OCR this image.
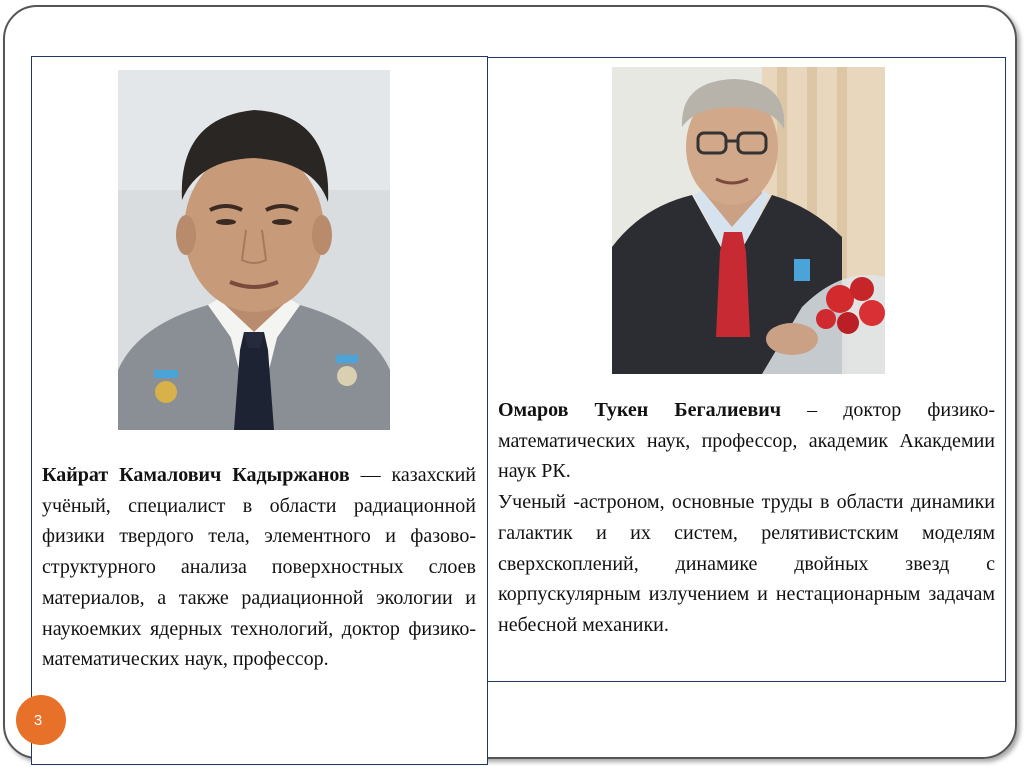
Кайрат Камалович Кадыржанов — казахский учёный, специалист в области радиационной физики твердого тела, элементного и фазово-структурного анализа поверхностных слоев материалов, а также радиационной экологии и наукоемких ядерных технологий, доктор физико-математических наук, профессор.

Омаров Тукен Бегалиевич – доктор физико-математических наук, профессор, академик Акакдемии наук РК.

Ученый -астроном, основные труды в области динамики галактик и их систем, релятивистским моделям сверхскоплений, динамике двойных звезд с корпускулярным излучением и нестационарным задачам небесной механики.

3
